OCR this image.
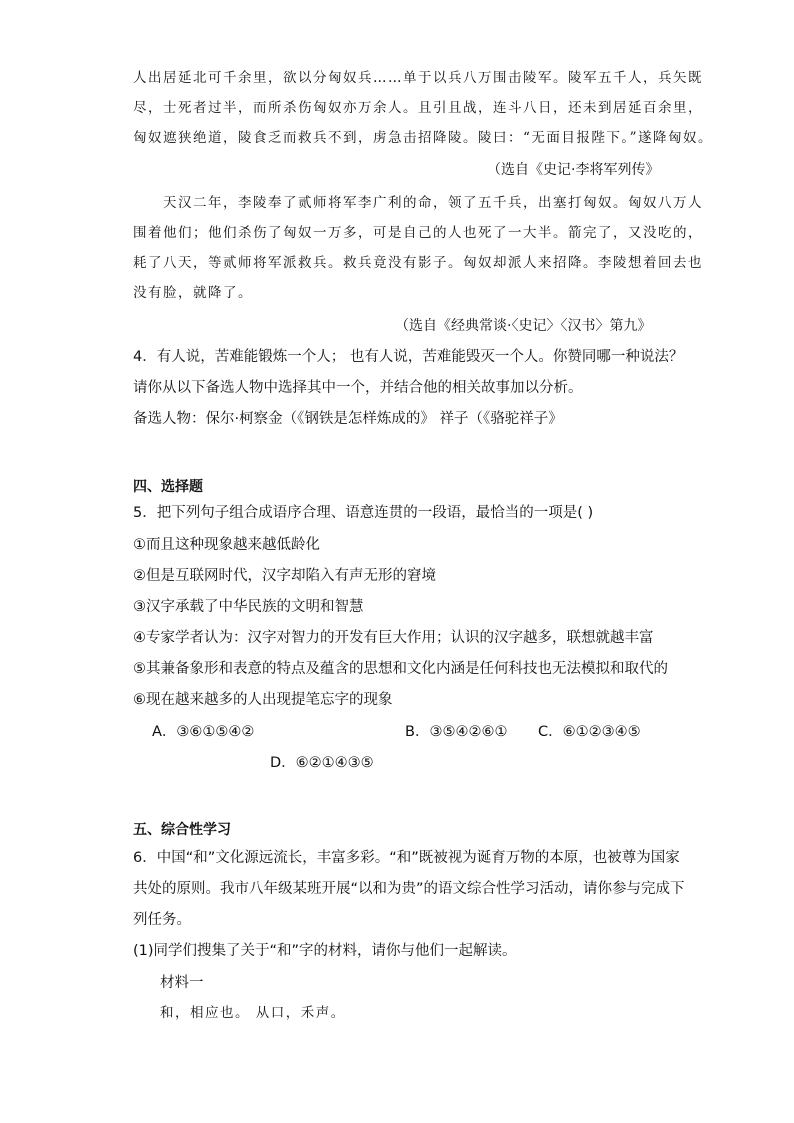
人出居延北可千余里，欲以分匈奴兵……单于以兵八万围击陵军。陵军五千人，兵矢既
尽，士死者过半，而所杀伤匈奴亦万余人。且引且战，连斗八日，还未到居延百余里，
匈奴遮狭绝道，陵食乏而救兵不到，虏急击招降陵。陵曰：“无面目报陛下。”遂降匈奴。
（选自《史记·李将军列传》
天汉二年，李陵奉了贰师将军李广利的命，领了五千兵，出塞打匈奴。匈奴八万人
围着他们；他们杀伤了匈奴一万多，可是自己的人也死了一大半。箭完了，又没吃的，
耗了八天，等贰师将军派救兵。救兵竟没有影子。匈奴却派人来招降。李陵想着回去也
没有脸，就降了。
（选自《经典常谈·〈史记〉〈汉书〉第九》
4．有人说，苦难能锻炼一个人； 也有人说，苦难能毁灭一个人。你赞同哪一种说法？
请你从以下备选人物中选择其中一个，并结合他的相关故事加以分析。
备选人物：保尔·柯察金（《钢铁是怎样炼成的》 祥子（《骆驼祥子》
四、选择题
5．把下列句子组合成语序合理、语意连贯的一段语，最恰当的一项是( )
①而且这种现象越来越低龄化
②但是互联网时代，汉字却陷入有声无形的窘境
③汉字承载了中华民族的文明和智慧
④专家学者认为：汉字对智力的开发有巨大作用；认识的汉字越多，联想就越丰富
⑤其兼备象形和表意的特点及蕴含的思想和文化内涵是任何科技也无法模拟和取代的
⑥现在越来越多的人出现提笔忘字的现象
A．③⑥①⑤④②	B．③⑤④②⑥① C．⑥①②③④⑤
D．⑥②①④③⑤
五、综合性学习
6．中国“和”文化源远流长，丰富多彩。“和”既被视为诞育万物的本原，也被尊为国家
共处的原则。我市八年级某班开展“以和为贵”的语文综合性学习活动，请你参与完成下
列任务。
(1)同学们搜集了关于“和”字的材料，请你与他们一起解读。
材料一
和，相应也。 从口，禾声。
